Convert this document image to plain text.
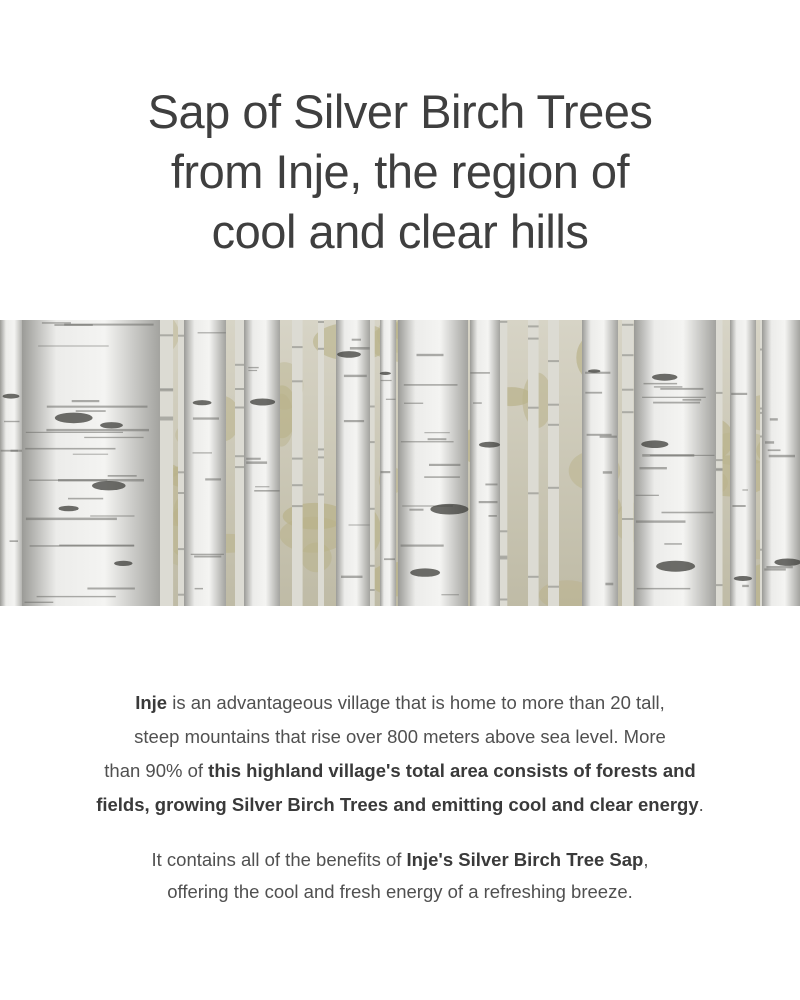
Sap of Silver Birch Trees
from Inje, the region of
cool and clear hills

Inje is an advantageous village that is home to more than 20 tall,
steep mountains that rise over 800 meters above sea level. More
than 90% of this highland village's total area consists of forests and
fields, growing Silver Birch Trees and emitting cool and clear energy.

It contains all of the benefits of Inje's Silver Birch Tree Sap,
offering the cool and fresh energy of a refreshing breeze.
